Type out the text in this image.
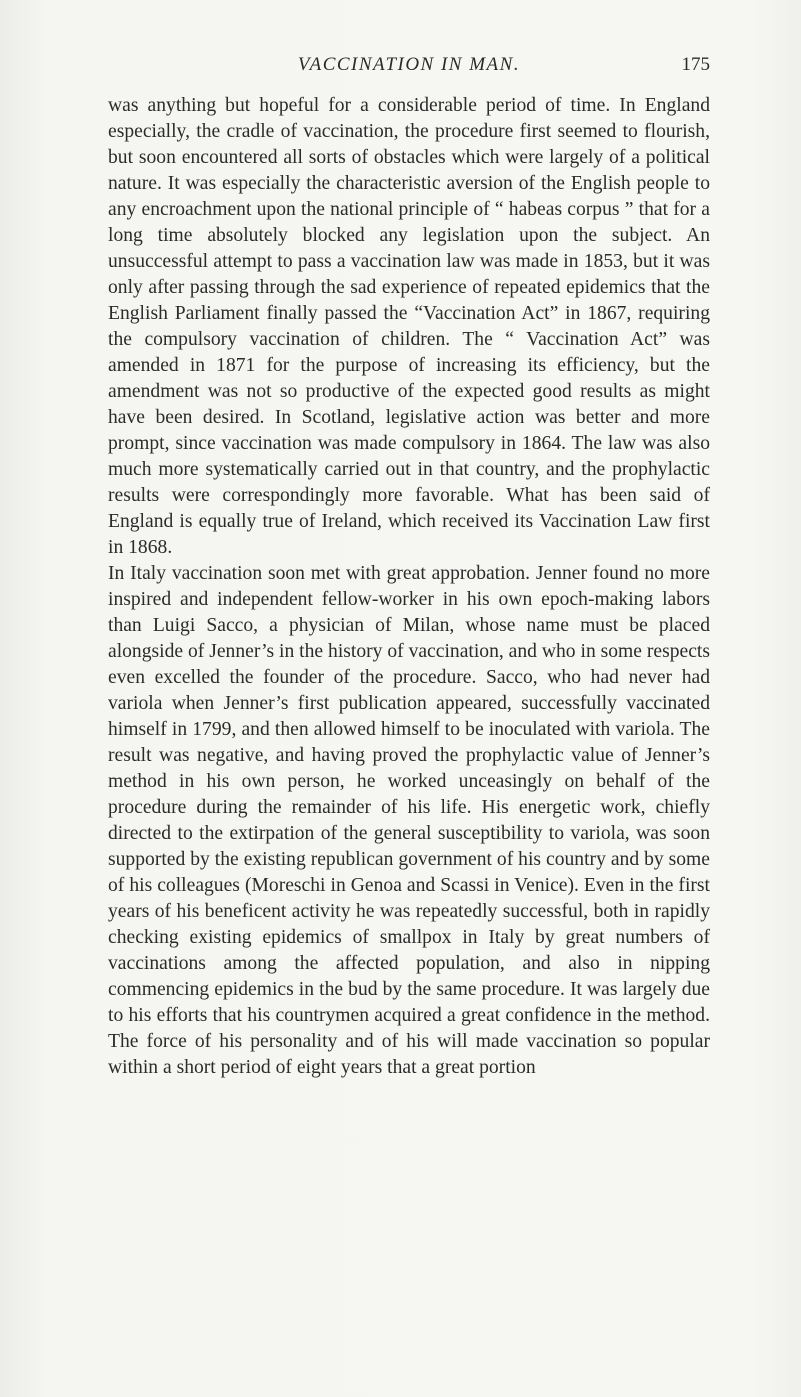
VACCINATION IN MAN.	175

was anything but hopeful for a considerable period of time. In England especially, the cradle of vaccination, the procedure first seemed to flourish, but soon encountered all sorts of obstacles which were largely of a political nature. It was especially the characteristic aversion of the English people to any encroachment upon the national principle of “ habeas corpus ” that for a long time absolutely blocked any legislation upon the subject. An unsuccessful attempt to pass a vaccination law was made in 1853, but it was only after passing through the sad experience of repeated epidemics that the English Parliament finally passed the “Vaccination Act” in 1867, requiring the compulsory vaccination of children. The “ Vaccination Act” was amended in 1871 for the purpose of increasing its efficiency, but the amendment was not so productive of the expected good results as might have been desired. In Scotland, legislative action was better and more prompt, since vaccination was made compulsory in 1864. The law was also much more systematically carried out in that country, and the prophylactic results were correspondingly more favorable. What has been said of England is equally true of Ireland, which received its Vaccination Law first in 1868.

In Italy vaccination soon met with great approbation. Jenner found no more inspired and independent fellow-worker in his own epoch-making labors than Luigi Sacco, a physician of Milan, whose name must be placed alongside of Jenner’s in the history of vaccination, and who in some respects even excelled the founder of the procedure. Sacco, who had never had variola when Jenner’s first publication appeared, successfully vaccinated himself in 1799, and then allowed himself to be inoculated with variola. The result was negative, and having proved the prophylactic value of Jenner’s method in his own person, he worked unceasingly on behalf of the procedure during the remainder of his life. His energetic work, chiefly directed to the extirpation of the general susceptibility to variola, was soon supported by the existing republican government of his country and by some of his colleagues (Moreschi in Genoa and Scassi in Venice). Even in the first years of his beneficent activity he was repeatedly successful, both in rapidly checking existing epidemics of smallpox in Italy by great numbers of vaccinations among the affected population, and also in nipping commencing epidemics in the bud by the same procedure. It was largely due to his efforts that his countrymen acquired a great confidence in the method. The force of his personality and of his will made vaccination so popular within a short period of eight years that a great portion
